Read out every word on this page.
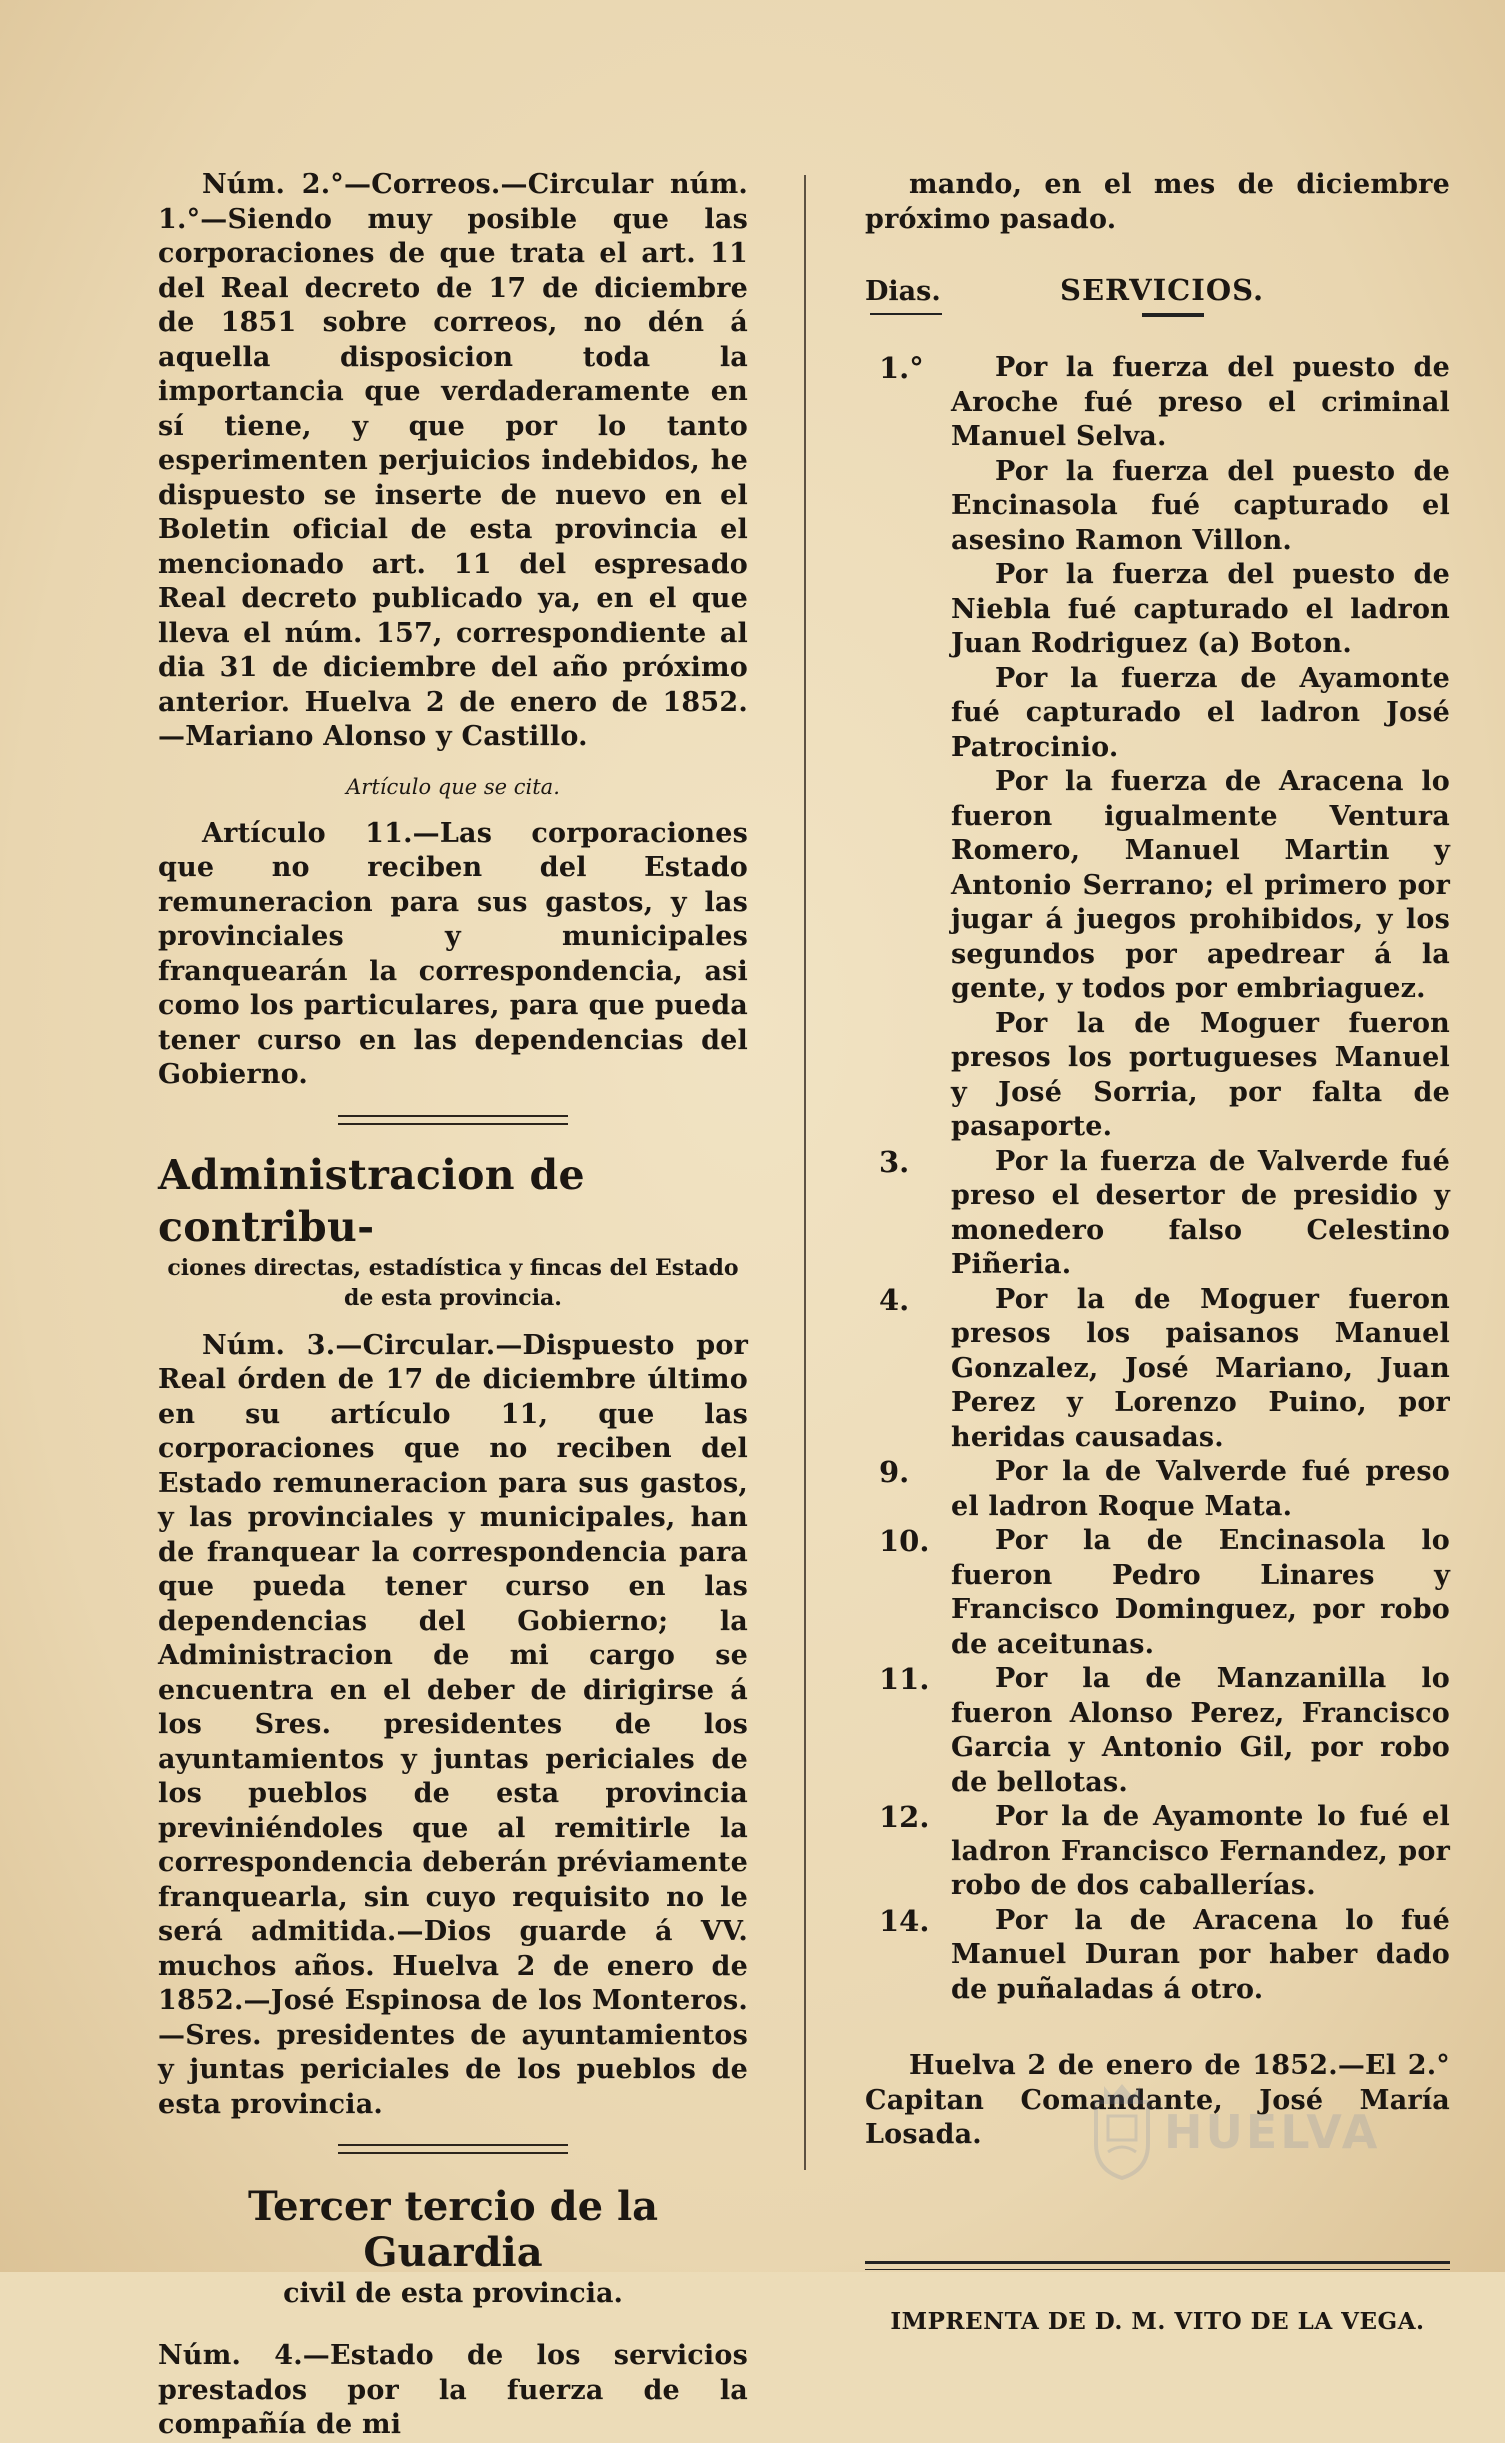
Núm. 2.°—Correos.—Circular núm. 1.°—Siendo muy posible que las corporaciones de que trata el art. 11 del Real decreto de 17 de diciembre de 1851 sobre correos, no dén á aquella disposicion toda la importancia que verdaderamente en sí tiene, y que por lo tanto esperimenten perjuicios indebidos, he dispuesto se inserte de nuevo en el Boletin oficial de esta provincia el mencionado art. 11 del espresado Real decreto publicado ya, en el que lleva el núm. 157, correspondiente al dia 31 de diciembre del año próximo anterior. Huelva 2 de enero de 1852. —Mariano Alonso y Castillo.

Artículo que se cita.

Artículo 11.—Las corporaciones que no reciben del Estado remuneracion para sus gastos, y las provinciales y municipales franquearán la correspondencia, asi como los particulares, para que pueda tener curso en las dependencias del Gobierno.

Administracion de contribu-
ciones directas, estadística y fincas del Estado de esta provincia.

Núm. 3.—Circular.—Dispuesto por Real órden de 17 de diciembre último en su artículo 11, que las corporaciones que no reciben del Estado remuneracion para sus gastos, y las provinciales y municipales, han de franquear la correspondencia para que pueda tener curso en las dependencias del Gobierno; la Administracion de mi cargo se encuentra en el deber de dirigirse á los Sres. presidentes de los ayuntamientos y juntas periciales de los pueblos de esta provincia previniéndoles que al remitirle la correspondencia deberán préviamente franquearla, sin cuyo requisito no le será admitida.—Dios guarde á VV. muchos años. Huelva 2 de enero de 1852.—José Espinosa de los Monteros.—Sres. presidentes de ayuntamientos y juntas periciales de los pueblos de esta provincia.

Tercer tercio de la Guardia
civil de esta provincia.

Núm. 4.—Estado de los servicios prestados por la fuerza de la compañía de mi

mando, en el mes de diciembre próximo pasado.

Dias.	SERVICIOS.
1.°	Por la fuerza del puesto de Aroche fué preso el criminal Manuel Selva.

Por la fuerza del puesto de Encinasola fué capturado el asesino Ramon Villon.

Por la fuerza del puesto de Niebla fué capturado el ladron Juan Rodriguez (a) Boton.

Por la fuerza de Ayamonte fué capturado el ladron José Patrocinio.

Por la fuerza de Aracena lo fueron igualmente Ventura Romero, Manuel Martin y Antonio Serrano; el primero por jugar á juegos prohibidos, y los segundos por apedrear á la gente, y todos por embriaguez.

Por la de Moguer fueron presos los portugueses Manuel y José Sorria, por falta de pasaporte.

3.	Por la fuerza de Valverde fué preso el desertor de presidio y monedero falso Celestino Piñeria.

4.	Por la de Moguer fueron presos los paisanos Manuel Gonzalez, José Mariano, Juan Perez y Lorenzo Puino, por heridas causadas.

9.	Por la de Valverde fué preso el ladron Roque Mata.

10.	Por la de Encinasola lo fueron Pedro Linares y Francisco Dominguez, por robo de aceitunas.

11.	Por la de Manzanilla lo fueron Alonso Perez, Francisco Garcia y Antonio Gil, por robo de bellotas.

12.	Por la de Ayamonte lo fué el ladron Francisco Fernandez, por robo de dos caballerías.

14.	Por la de Aracena lo fué Manuel Duran por haber dado de puñaladas á otro.

Huelva 2 de enero de 1852.—El 2.° Capitan Comandante, José María Losada.

IMPRENTA DE D. M. VITO DE LA VEGA.
HUELVA
